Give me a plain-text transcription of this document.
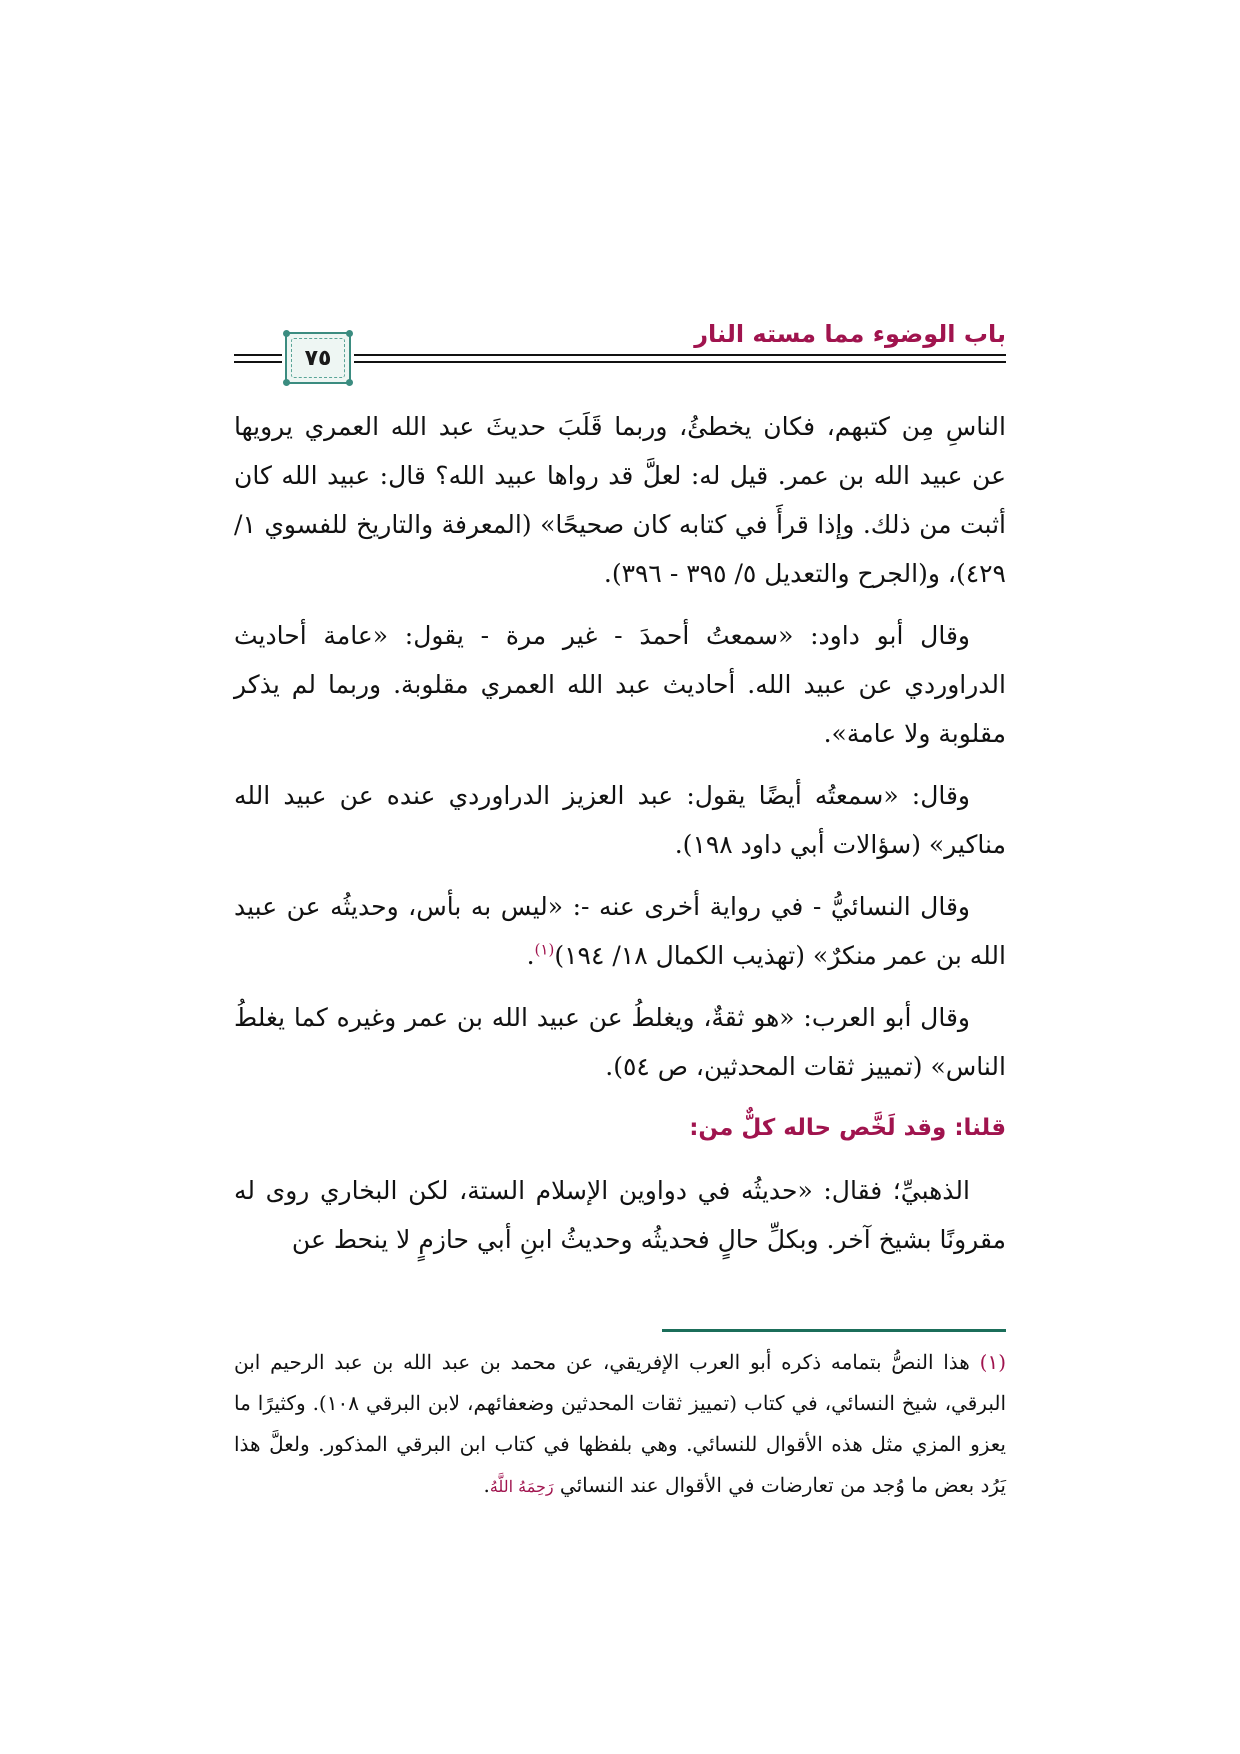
٧٥
باب الوضوء مما مسته النار

الناسِ مِن كتبهم، فكان يخطئُ، وربما قَلَبَ حديثَ عبد الله العمري يرويها عن عبيد الله بن عمر. قيل له: لعلَّ قد رواها عبيد الله؟ قال: عبيد الله كان أثبت من ذلك. وإذا قرأَ في كتابه كان صحيحًا» (المعرفة والتاريخ للفسوي ١/ ٤٢٩)، و(الجرح والتعديل ٥/ ٣٩٥ - ٣٩٦).

وقال أبو داود: «سمعتُ أحمدَ - غير مرة - يقول: «عامة أحاديث الدراوردي عن عبيد الله. أحاديث عبد الله العمري مقلوبة. وربما لم يذكر مقلوبة ولا عامة».

وقال: «سمعتُه أيضًا يقول: عبد العزيز الدراوردي عنده عن عبيد الله مناكير» (سؤالات أبي داود ١٩٨).

وقال النسائيُّ - في رواية أخرى عنه -: «ليس به بأس، وحديثُه عن عبيد الله بن عمر منكرٌ» (تهذيب الكمال ١٨/ ١٩٤)$^{(١)}$.

وقال أبو العرب: «هو ثقةٌ، ويغلطُ عن عبيد الله بن عمر وغيره كما يغلطُ الناس» (تمييز ثقات المحدثين، ص ٥٤).

قلنا: وقد لَخَّص حاله كلٌّ من:

الذهبيِّ؛ فقال: «حديثُه في دواوين الإسلام الستة، لكن البخاري روى له مقرونًا بشيخ آخر. وبكلِّ حالٍ فحديثُه وحديثُ ابنِ أبي حازمٍ لا ينحط عن

(١) هذا النصُّ بتمامه ذكره أبو العرب الإفريقي، عن محمد بن عبد الله بن عبد الرحيم ابن البرقي، شيخ النسائي، في كتاب (تمييز ثقات المحدثين وضعفائهم، لابن البرقي ١٠٨). وكثيرًا ما يعزو المزي مثل هذه الأقوال للنسائي. وهي بلفظها في كتاب ابن البرقي المذكور. ولعلَّ هذا يَرُد بعض ما وُجد من تعارضات في الأقوال عند النسائي رَحِمَهُ اللَّهُ.
